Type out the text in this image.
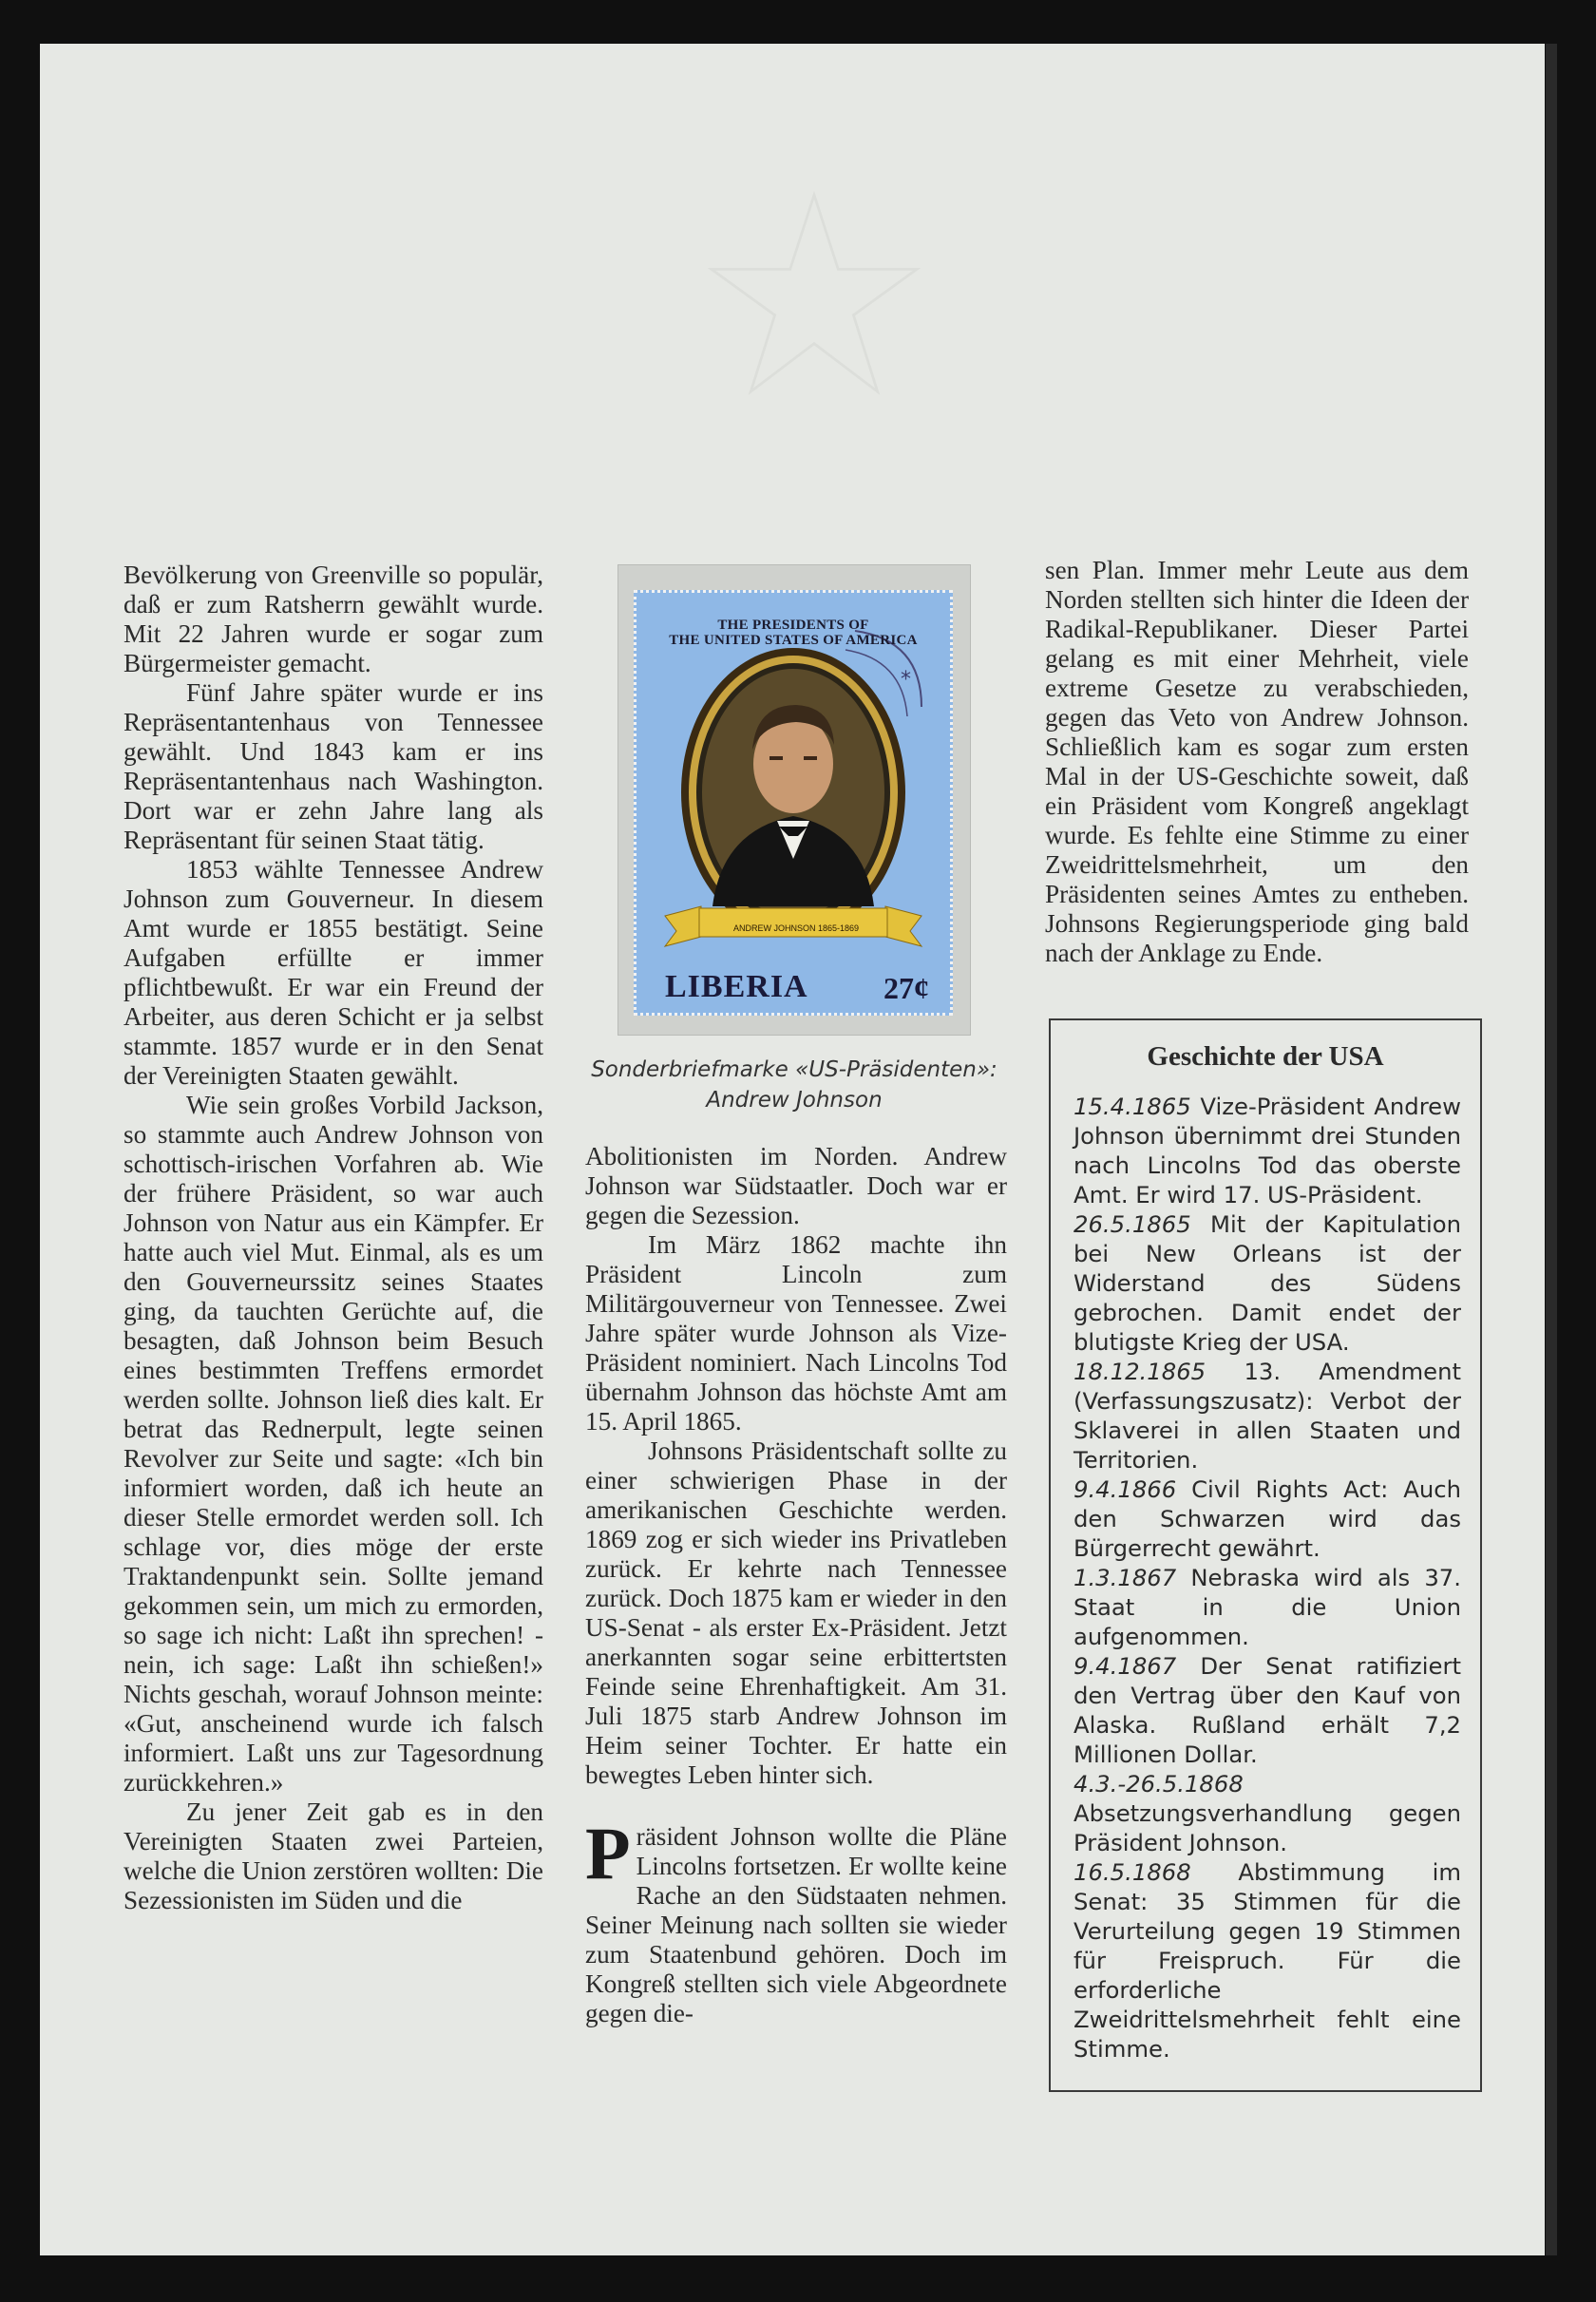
Bevölkerung von Greenville so populär, daß er zum Ratsherrn gewählt wurde. Mit 22 Jahren wurde er sogar zum Bürgermeister gemacht.

Fünf Jahre später wurde er ins Repräsentantenhaus von Tennessee gewählt. Und 1843 kam er ins Repräsentantenhaus nach Washington. Dort war er zehn Jahre lang als Repräsentant für seinen Staat tätig.

1853 wählte Tennessee Andrew Johnson zum Gouverneur. In diesem Amt wurde er 1855 bestätigt. Seine Aufgaben erfüllte er immer pflichtbewußt. Er war ein Freund der Arbeiter, aus deren Schicht er ja selbst stammte. 1857 wurde er in den Senat der Vereinigten Staaten gewählt.

Wie sein großes Vorbild Jackson, so stammte auch Andrew Johnson von schottisch-irischen Vorfahren ab. Wie der frühere Präsident, so war auch Johnson von Natur aus ein Kämpfer. Er hatte auch viel Mut. Einmal, als es um den Gouverneurssitz seines Staates ging, da tauchten Gerüchte auf, die besagten, daß Johnson beim Besuch eines bestimmten Treffens ermordet werden sollte. Johnson ließ dies kalt. Er betrat das Rednerpult, legte seinen Revolver zur Seite und sagte: «Ich bin informiert worden, daß ich heute an dieser Stelle ermordet werden soll. Ich schlage vor, dies möge der erste Traktandenpunkt sein. Sollte jemand gekommen sein, um mich zu ermorden, so sage ich nicht: Laßt ihn sprechen! - nein, ich sage: Laßt ihn schießen!» Nichts geschah, worauf Johnson meinte: «Gut, anscheinend wurde ich falsch informiert. Laßt uns zur Tagesordnung zurückkehren.»

Zu jener Zeit gab es in den Vereinigten Staaten zwei Parteien, welche die Union zerstören wollten: Die Sezessionisten im Süden und die

*
THE PRESIDENTS OF
THE UNITED STATES OF AMERICA
ANDREW JOHNSON 1865-1869
LIBERIA 27¢
Sonderbriefmarke «US-Präsidenten»:
Andrew Johnson

Abolitionisten im Norden. Andrew Johnson war Südstaatler. Doch war er gegen die Sezession.

Im März 1862 machte ihn Präsident Lincoln zum Militärgouverneur von Tennessee. Zwei Jahre später wurde Johnson als Vize-Präsident nominiert. Nach Lincolns Tod übernahm Johnson das höchste Amt am 15. April 1865.

Johnsons Präsidentschaft sollte zu einer schwierigen Phase in der amerikanischen Geschichte werden. 1869 zog er sich wieder ins Privatleben zurück. Er kehrte nach Tennessee zurück. Doch 1875 kam er wieder in den US-Senat - als erster Ex-Präsident. Jetzt anerkannten sogar seine erbittertsten Feinde seine Ehrenhaftigkeit. Am 31. Juli 1875 starb Andrew Johnson im Heim seiner Tochter. Er hatte ein bewegtes Leben hinter sich.

Präsident Johnson wollte die Pläne Lincolns fortsetzen. Er wollte keine Rache an den Südstaaten nehmen. Seiner Meinung nach sollten sie wieder zum Staatenbund gehören. Doch im Kongreß stellten sich viele Abgeordnete gegen die-

sen Plan. Immer mehr Leute aus dem Norden stellten sich hinter die Ideen der Radikal-Republikaner. Dieser Partei gelang es mit einer Mehrheit, viele extreme Gesetze zu verabschieden, gegen das Veto von Andrew Johnson. Schließlich kam es sogar zum ersten Mal in der US-Geschichte soweit, daß ein Präsident vom Kongreß angeklagt wurde. Es fehlte eine Stimme zu einer Zweidrittelsmehrheit, um den Präsidenten seines Amtes zu entheben. Johnsons Regierungsperiode ging bald nach der Anklage zu Ende.

Geschichte der USA

15.4.1865 Vize-Präsident Andrew Johnson übernimmt drei Stunden nach Lincolns Tod das oberste Amt. Er wird 17. US-Präsident.

26.5.1865 Mit der Kapitulation bei New Orleans ist der Widerstand des Südens gebrochen. Damit endet der blutigste Krieg der USA.

18.12.1865 13. Amendment (Verfassungszusatz): Verbot der Sklaverei in allen Staaten und Territorien.

9.4.1866 Civil Rights Act: Auch den Schwarzen wird das Bürgerrecht gewährt.

1.3.1867 Nebraska wird als 37. Staat in die Union aufgenommen.

9.4.1867 Der Senat ratifiziert den Vertrag über den Kauf von Alaska. Rußland erhält 7,2 Millionen Dollar.

4.3.-26.5.1868 Absetzungsverhandlung gegen Präsident Johnson.

16.5.1868 Abstimmung im Senat: 35 Stimmen für die Verurteilung gegen 19 Stimmen für Freispruch. Für die erforderliche Zweidrittelsmehrheit fehlt eine Stimme.
